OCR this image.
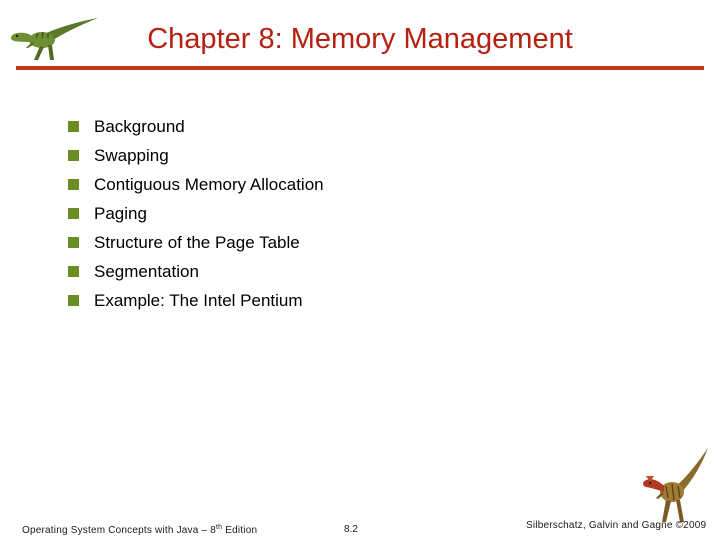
Chapter 8: Memory Management
Background
Swapping
Contiguous Memory Allocation
Paging
Structure of the Page Table
Segmentation
Example: The Intel Pentium
Operating System Concepts with Java – 8th Edition	8.2	Silberschatz, Galvin and Gagne ©2009
